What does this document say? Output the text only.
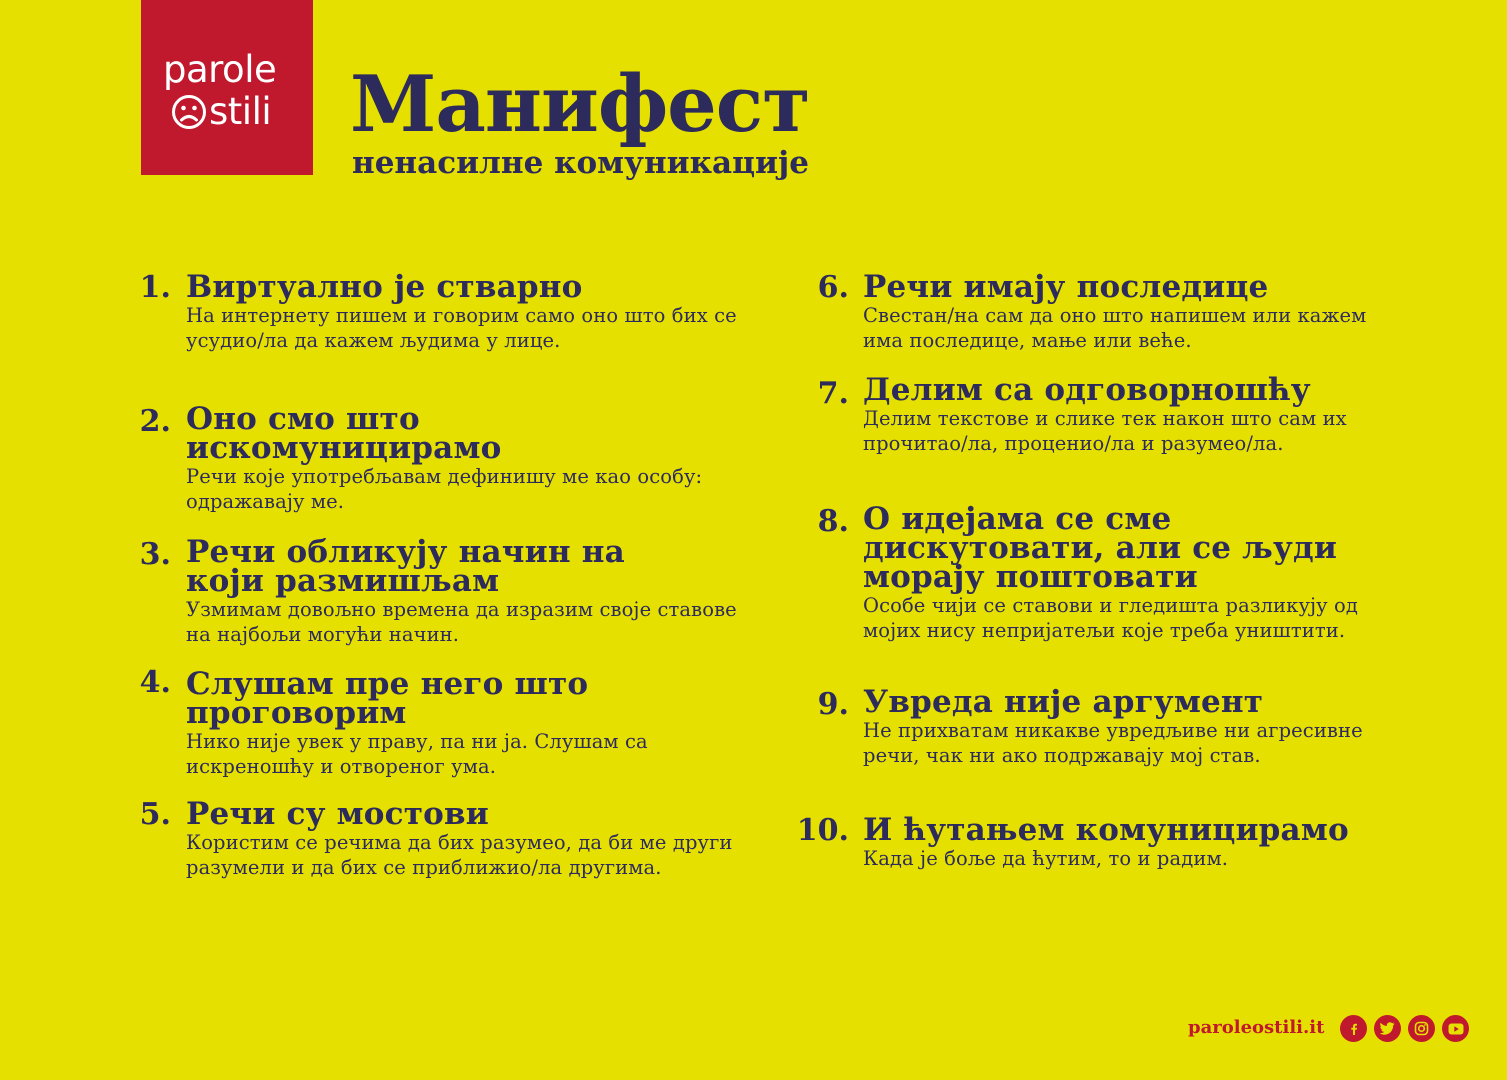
parole
stili Манифест
ненасилне комуникације
1. Виртуално је стварно

На интернету пишем и говорим само оно што бих се усудио/ла да кажем људима у лице.

2. Оно смо што искомуницирамо

Речи које употребљавам дефинишу ме као особу: одражавају ме.

3. Речи обликују начин на који размишљам

Узмимам довољно времена да изразим своје ставове на најбољи могући начин.

4. Слушам пре него што проговорим

Нико није увек у праву, па ни ја. Слушам са искреношћу и отвореног ума.

5. Речи су мостови

Користим се речима да бих разумео, да би ме други разумели и да бих се приближио/ла другима.

6. Речи имају последице

Свестан/на сам да оно што напишем или кажем има последице, мање или веће.

7. Делим са одговорношћу

Делим текстове и слике тек након што сам их прочитао/ла, проценио/ла и разумео/ла.

8. О идејама се сме дискутовати, али се људи морају поштовати

Особе чији се ставови и гледишта разликују од мојих нису непријатељи које треба уништити.

9. Увреда није аргумент

Не прихватам никакве увредљиве ни агресивне речи, чак ни ако подржавају мој став.

10. И ћутањем комуницирамо

Када је боље да ћутим, то и радим.

paroleostili.it
